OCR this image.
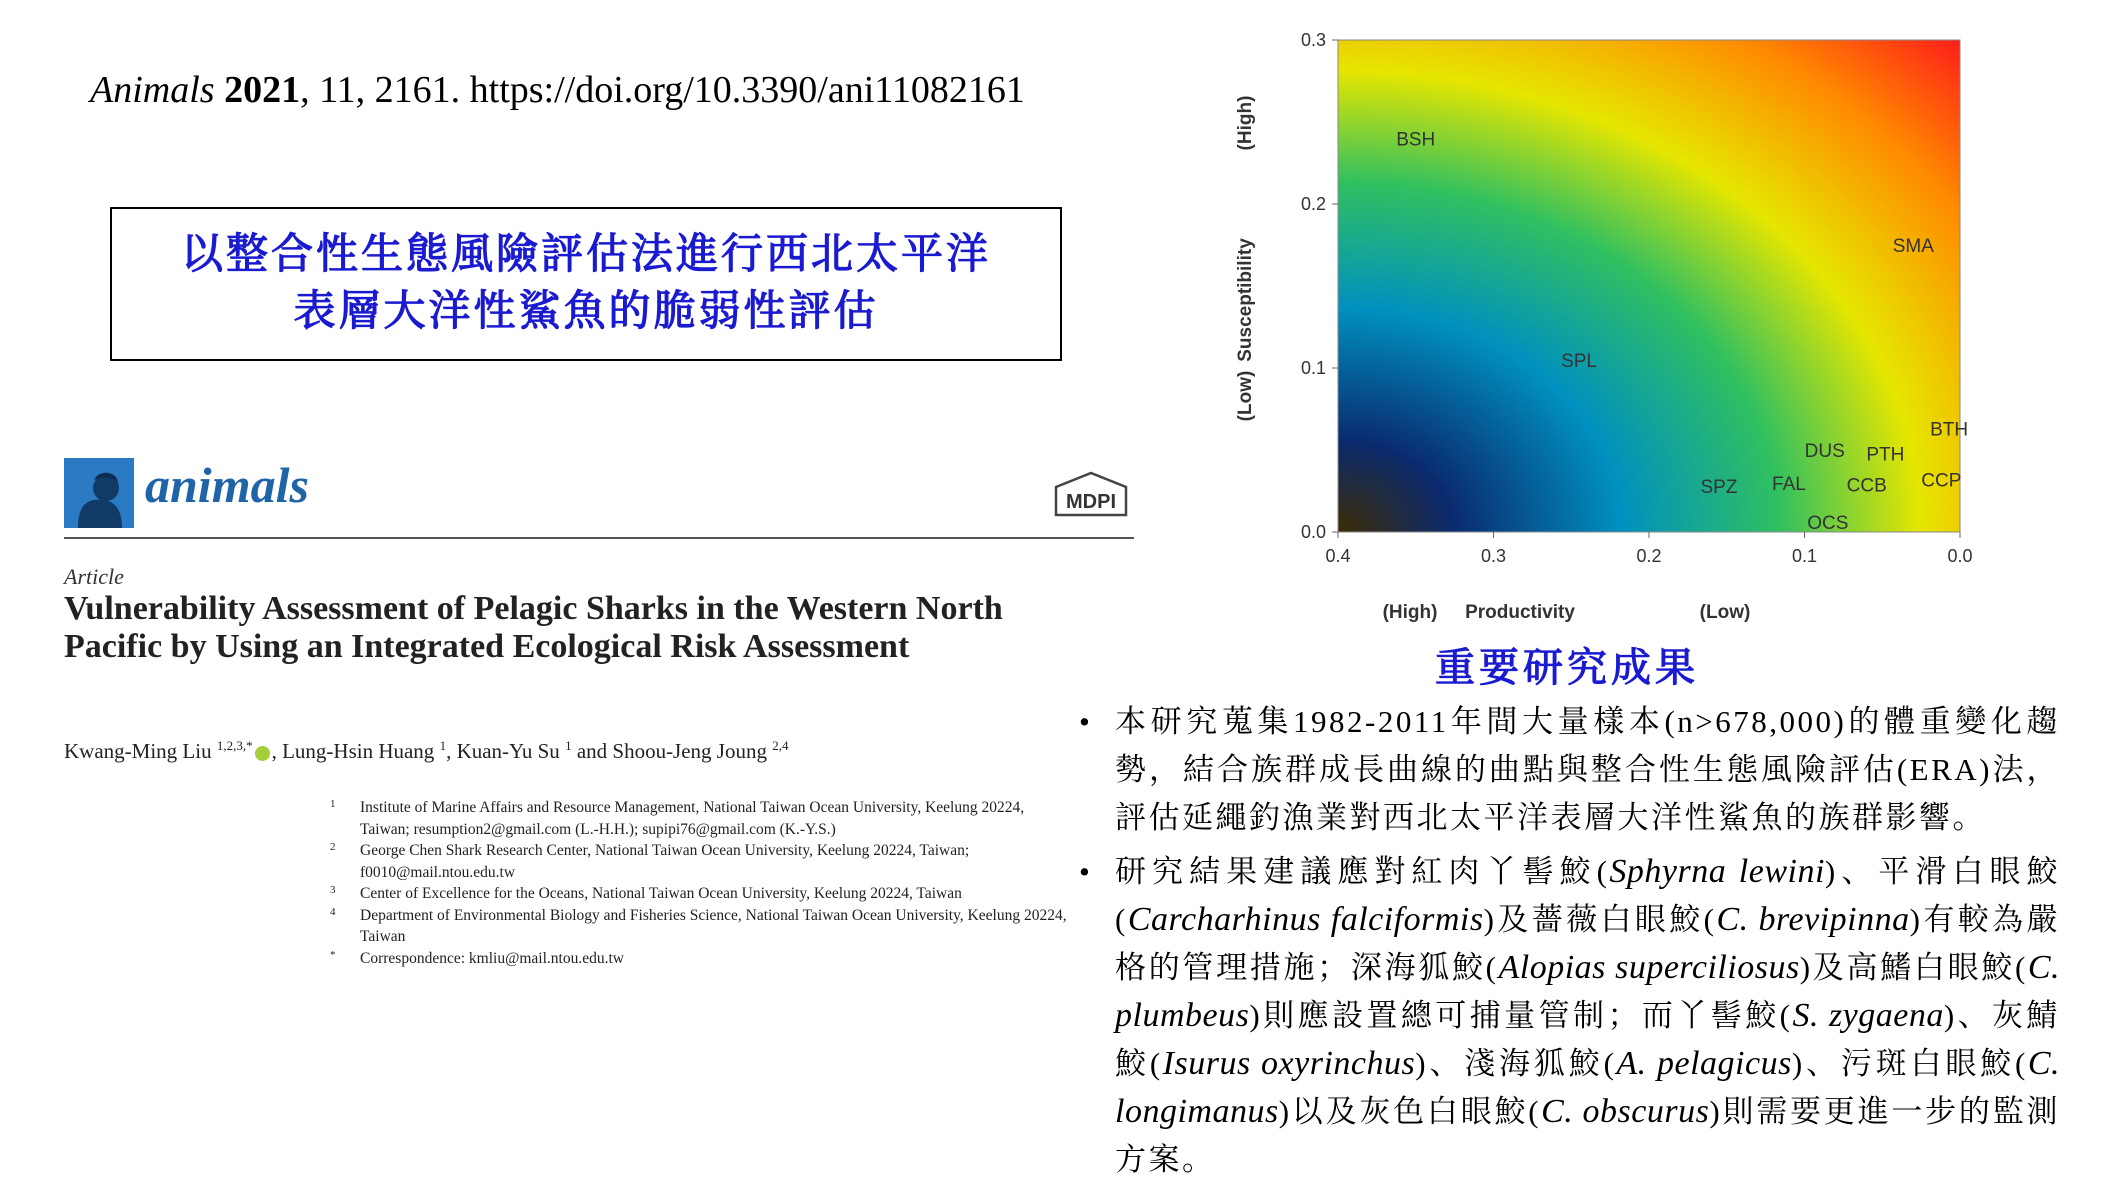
Animals 2021, 11, 2161. https://doi.org/10.3390/ani11082161
以整合性生態風險評估法進行西北太平洋
表層大洋性鯊魚的脆弱性評估
animals	MDPI
Article
Vulnerability Assessment of Pelagic Sharks in the Western North Pacific by Using an Integrated Ecological Risk Assessment
Kwang-Ming Liu $^{1,2,3,*}$ , Lung-Hsin Huang $^1$, Kuan-Yu Su $^1$ and Shoou-Jeng Joung $^{2,4}$
1 Institute of Marine Affairs and Resource Management, National Taiwan Ocean University, Keelung 20224, Taiwan; resumption2@gmail.com (L.-H.H.); supipi76@gmail.com (K.-Y.S.)
2 George Chen Shark Research Center, National Taiwan Ocean University, Keelung 20224, Taiwan; f0010@mail.ntou.edu.tw
3 Center of Excellence for the Oceans, National Taiwan Ocean University, Keelung 20224, Taiwan
4 Department of Environmental Biology and Fisheries Science, National Taiwan Ocean University, Keelung 20224, Taiwan
* Correspondence: kmliu@mail.ntou.edu.tw
0.0
0.1
0.2
0.3
0.4	0.3	0.2	0.1	0.0
BSH
SMA
SPL
DUS PTH
BTH
SPZ FAL CCB CCP
OCS
Susceptibility
(High)
(Low)
Productivity
(High)	(Low)
重要研究成果
• 本研究蒐集1982-2011年間大量樣本(n>678,000)的體重變化趨勢，結合族群成長曲線的曲點與整合性生態風險評估(ERA)法，評估延繩釣漁業對西北太平洋表層大洋性鯊魚的族群影響。
• 研究結果建議應對紅肉丫髻鮫(Sphyrna lewini)、平滑白眼鮫(Carcharhinus falciformis)及薔薇白眼鮫(C. brevipinna)有較為嚴格的管理措施；深海狐鮫(Alopias superciliosus)及高鰭白眼鮫(C. plumbeus)則應設置總可捕量管制；而丫髻鮫(S. zygaena)、灰鯖鮫(Isurus oxyrinchus)、淺海狐鮫(A. pelagicus)、污斑白眼鮫(C. longimanus)以及灰色白眼鮫(C. obscurus)則需要更進一步的監測方案。
